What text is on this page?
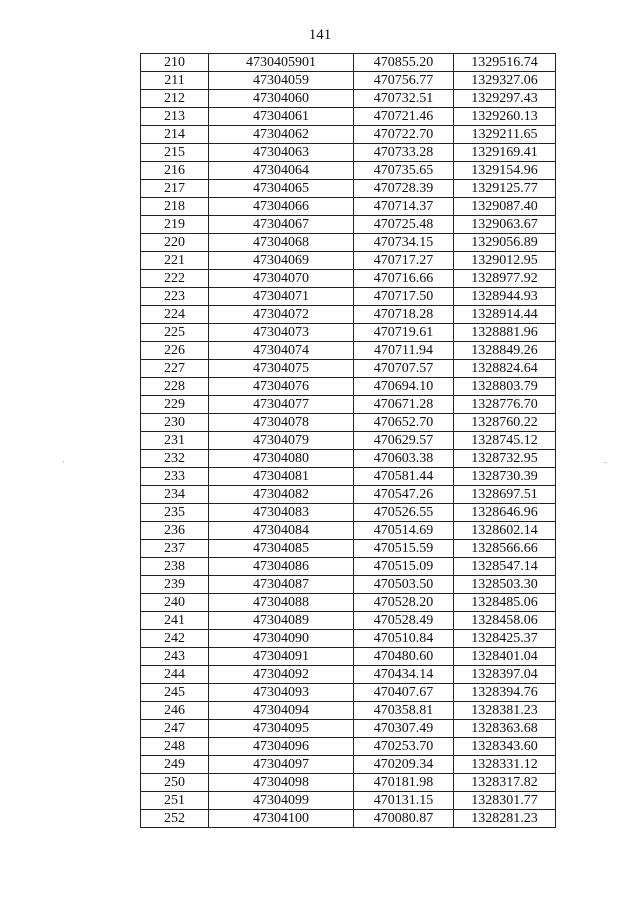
141
·	-
210	4730405901	470855.20	1329516.74
211	47304059	470756.77	1329327.06
212	47304060	470732.51	1329297.43
213	47304061	470721.46	1329260.13
214	47304062	470722.70	1329211.65
215	47304063	470733.28	1329169.41
216	47304064	470735.65	1329154.96
217	47304065	470728.39	1329125.77
218	47304066	470714.37	1329087.40
219	47304067	470725.48	1329063.67
220	47304068	470734.15	1329056.89
221	47304069	470717.27	1329012.95
222	47304070	470716.66	1328977.92
223	47304071	470717.50	1328944.93
224	47304072	470718.28	1328914.44
225	47304073	470719.61	1328881.96
226	47304074	470711.94	1328849.26
227	47304075	470707.57	1328824.64
228	47304076	470694.10	1328803.79
229	47304077	470671.28	1328776.70
230	47304078	470652.70	1328760.22
231	47304079	470629.57	1328745.12
232	47304080	470603.38	1328732.95
233	47304081	470581.44	1328730.39
234	47304082	470547.26	1328697.51
235	47304083	470526.55	1328646.96
236	47304084	470514.69	1328602.14
237	47304085	470515.59	1328566.66
238	47304086	470515.09	1328547.14
239	47304087	470503.50	1328503.30
240	47304088	470528.20	1328485.06
241	47304089	470528.49	1328458.06
242	47304090	470510.84	1328425.37
243	47304091	470480.60	1328401.04
244	47304092	470434.14	1328397.04
245	47304093	470407.67	1328394.76
246	47304094	470358.81	1328381.23
247	47304095	470307.49	1328363.68
248	47304096	470253.70	1328343.60
249	47304097	470209.34	1328331.12
250	47304098	470181.98	1328317.82
251	47304099	470131.15	1328301.77
252	47304100	470080.87	1328281.23
